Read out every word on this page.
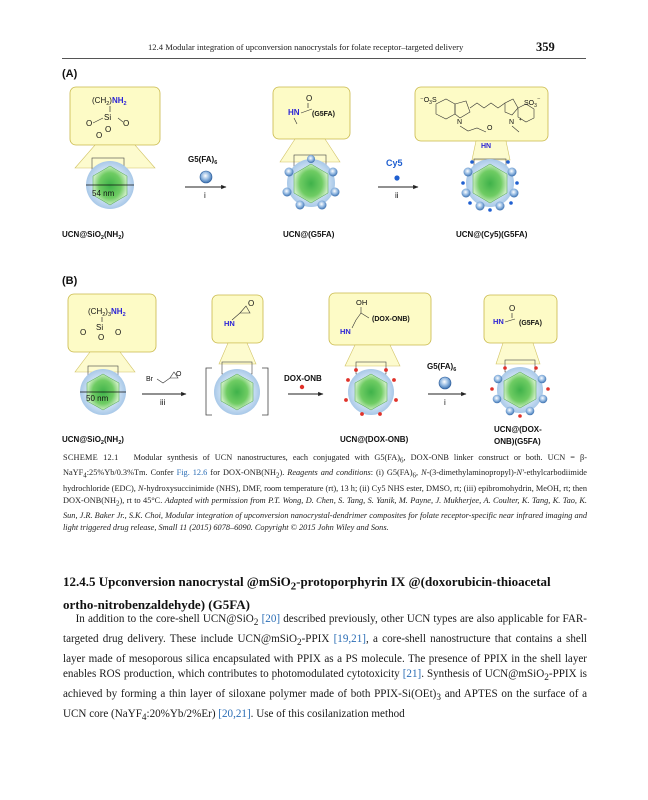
12.4 Modular integration of upconversion nanocrystals for folate receptor–targeted delivery	359
(A)
$(CH_2)NH_2$
Si
O
O
O
O
54 nm
$G5(FA)_6$
i
O
HN (G5FA)
Cy5
ii
$^-O_3S$	$SO_3^-$
N	N +
O
HN
$UCN@SiO_2(NH_2)$	UCN@(G5FA)	UCN@(Cy5)(G5FA)
(B)
$(CH_2)_3NH_2$
Si
O
O
O
50 nm
Br
O
iii
O
HN
DOX-ONB
OH
(DOX-ONB)
HN
$G5(FA)_6$
i
O
HN (G5FA)
$UCN@SiO_2(NH_2)$	UCN@(DOX-ONB)
UCN@(DOX-
ONB)(G5FA)
SCHEME 12.1 Modular synthesis of UCN nanostructures, each conjugated with $G5(FA)_6$, DOX-ONB linker construct or both. UCN = β-NaYF$_4$:25%Yb/0.3%Tm. Confer Fig. 12.6 for DOX-$ONB(NH_2)$. Reagents and conditions: (i) $G5(FA)_6$, N-(3-dimethylaminopropyl)-N′-ethylcarbodiimide hydrochloride (EDC), N-hydroxysuccinimide (NHS), DMF, room temperature (rt), 13 h; (ii) Cy5 NHS ester, DMSO, rt; (iii) epibromohydrin, MeOH, rt; then DOX-$ONB(NH_2)$, rt to 45°C. Adapted with permission from P.T. Wong, D. Chen, S. Tang, S. Yanik, M. Payne, J. Mukherjee, A. Coulter, K. Tang, K. Tao, K. Sun, J.R. Baker Jr., S.K. Choi, Modular integration of upconversion nanocrystal-dendrimer composites for folate receptor-specific near infrared imaging and light triggered drug release, Small 11 (2015) 6078–6090. Copyright © 2015 John Wiley and Sons.
12.4.5 Upconversion nanocrystal @mSiO$_2$-protoporphyrin IX @(doxorubicin-thioacetal ortho-nitrobenzaldehyde) (G5FA)
In addition to the core-shell UCN@SiO$_2$ [20] described previously, other UCN types are also applicable for FAR-targeted drug delivery. These include UCN@mSiO$_2$-PPIX [19,21], a core-shell nanostructure that contains a shell layer made of mesoporous silica encapsulated with PPIX as a PS molecule. The presence of PPIX in the shell layer enables ROS production, which contributes to photomodulated cytotoxicity [21]. Synthesis of UCN@mSiO$_2$-PPIX is achieved by forming a thin layer of siloxane polymer made of both PPIX-$Si(OEt)_3$ and APTES on the surface of a UCN core (NaYF$_4$:20%Yb/2%Er) [20,21]. Use of this cosilanization method
